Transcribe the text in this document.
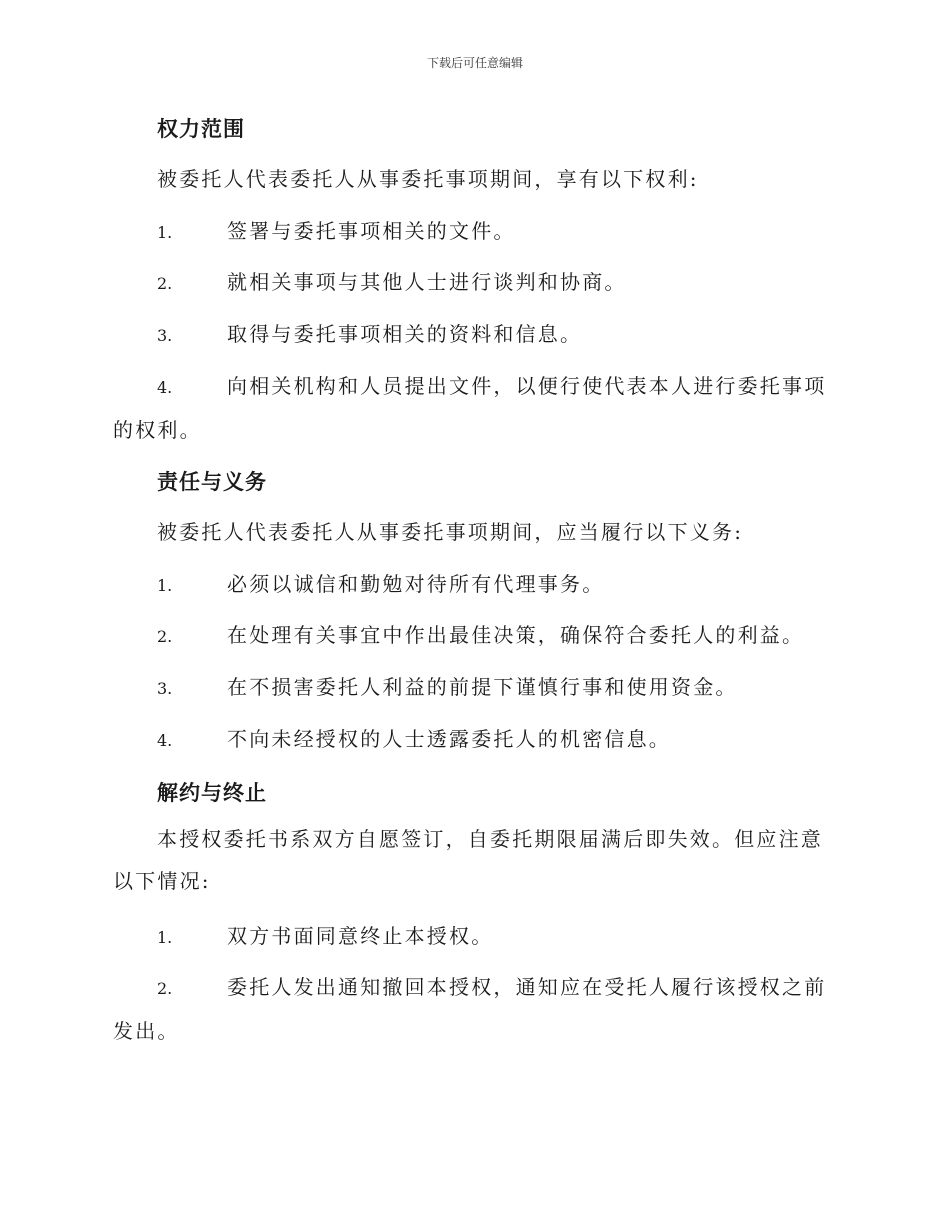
下载后可任意编辑
权力范围
被委托人代表委托人从事委托事项期间，享有以下权利:
1.	签署与委托事项相关的文件。
2.	就相关事项与其他人士进行谈判和协商。
3.	取得与委托事项相关的资料和信息。
4.	向相关机构和人员提出文件，以便行使代表本人进行委托事项的权利。
责任与义务
被委托人代表委托人从事委托事项期间，应当履行以下义务:
1.	必须以诚信和勤勉对待所有代理事务。
2.	在处理有关事宜中作出最佳决策，确保符合委托人的利益。
3.	在不损害委托人利益的前提下谨慎行事和使用资金。
4.	不向未经授权的人士透露委托人的机密信息。
解约与终止
本授权委托书系双方自愿签订，自委托期限届满后即失效。但应注意以下情况:
1.	双方书面同意终止本授权。
2.	委托人发出通知撤回本授权，通知应在受托人履行该授权之前发出。
